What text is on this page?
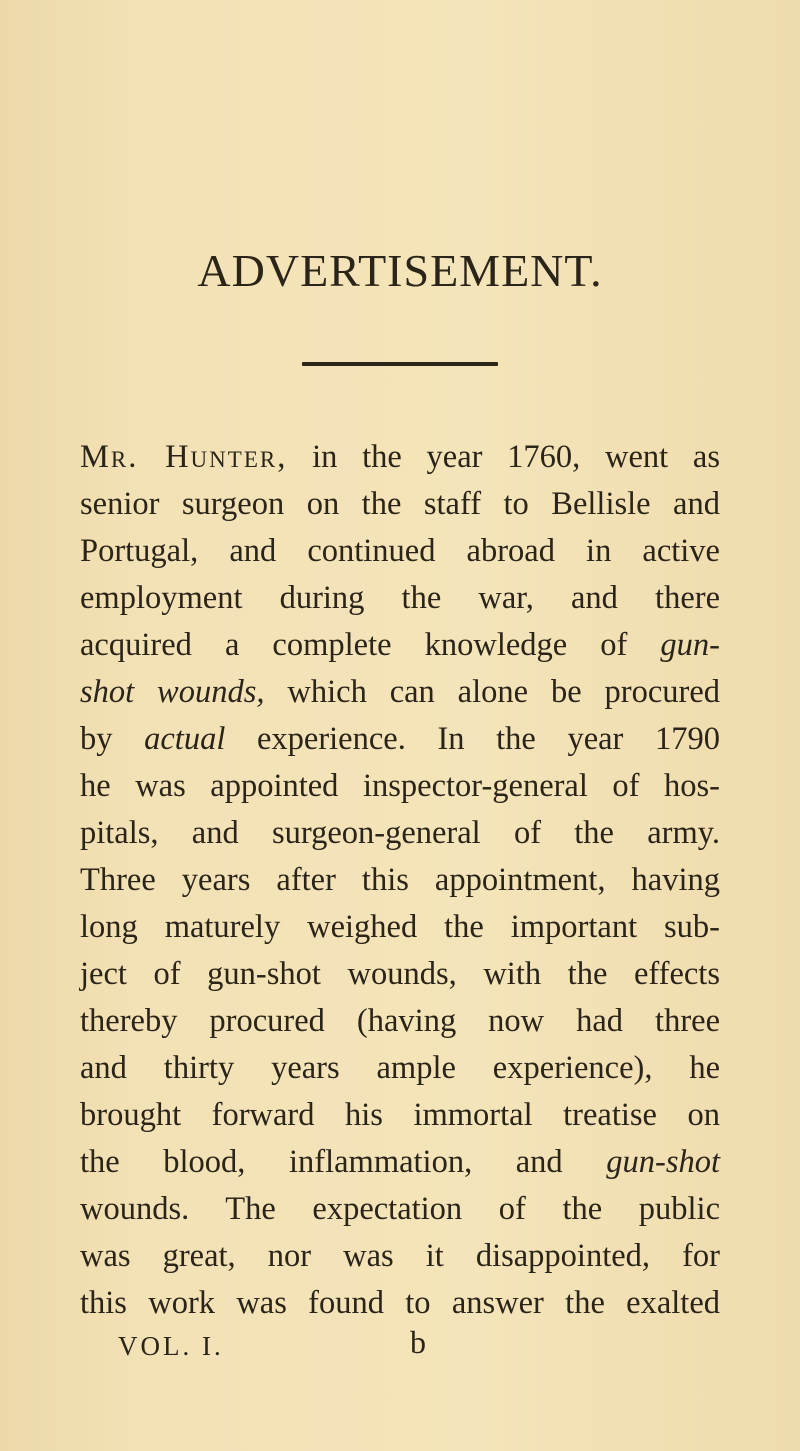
ADVERTISEMENT.
Mr. Hunter, in the year 1760, went as
senior surgeon on the staff to Bellisle and
Portugal, and continued abroad in active
employment during the war, and there
acquired a complete knowledge of gun-
shot wounds, which can alone be procured
by actual experience. In the year 1790
he was appointed inspector-general of hos-
pitals, and surgeon-general of the army.
Three years after this appointment, having
long maturely weighed the important sub-
ject of gun-shot wounds, with the effects
thereby procured (having now had three
and thirty years ample experience), he
brought forward his immortal treatise on
the blood, inflammation, and gun-shot
wounds. The expectation of the public
was great, nor was it disappointed, for
this work was found to answer the exalted
VOL. I.	b
